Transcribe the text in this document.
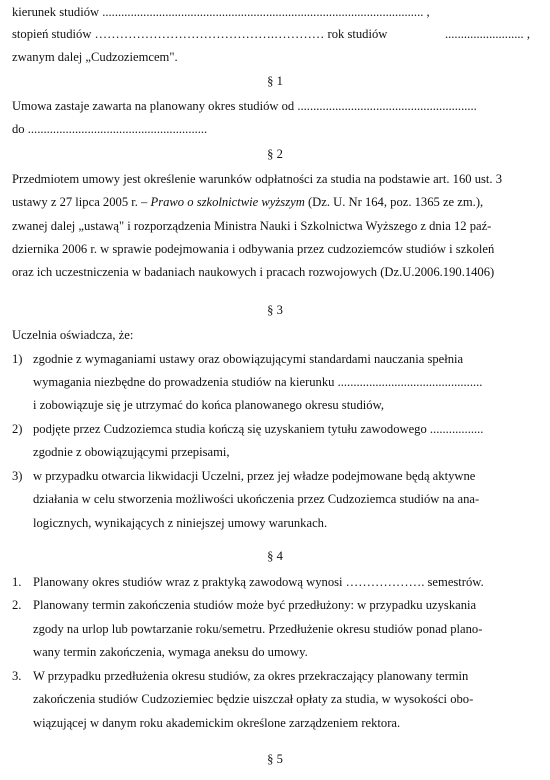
kierunek studiów ...................................................................................................... ,
stopień studiów …………………………………….………… rok studiów	......................... ,
zwanym dalej „Cudzoziemcem".
§ 1
Umowa zastaje zawarta na planowany okres studiów od .........................................................
do .........................................................
§ 2
Przedmiotem umowy jest określenie warunków odpłatności za studia na podstawie art. 160 ust. 3
ustawy z 27 lipca 2005 r. – Prawo o szkolnictwie wyższym (Dz. U. Nr 164, poz. 1365 ze zm.),
zwanej dalej „ustawą" i rozporządzenia Ministra Nauki i Szkolnictwa Wyższego z dnia 12 paź-
dziernika 2006 r. w sprawie podejmowania i odbywania przez cudzoziemców studiów i szkoleń
oraz ich uczestniczenia w badaniach naukowych i pracach rozwojowych (Dz.U.2006.190.1406)
§ 3
Uczelnia oświadcza, że:
1) zgodnie z wymaganiami ustawy oraz obowiązującymi standardami nauczania spełnia
wymagania niezbędne do prowadzenia studiów na kierunku ..............................................
i zobowiązuje się je utrzymać do końca planowanego okresu studiów,
2) podjęte przez Cudzoziemca studia kończą się uzyskaniem tytułu zawodowego .................
zgodnie z obowiązującymi przepisami,
3) w przypadku otwarcia likwidacji Uczelni, przez jej władze podejmowane będą aktywne
działania w celu stworzenia możliwości ukończenia przez Cudzoziemca studiów na ana-
logicznych, wynikających z niniejszej umowy warunkach.
§ 4
1. Planowany okres studiów wraz z praktyką zawodową wynosi ………………. semestrów.
2. Planowany termin zakończenia studiów może być przedłużony: w przypadku uzyskania
zgody na urlop lub powtarzanie roku/semetru. Przedłużenie okresu studiów ponad plano-
wany termin zakończenia, wymaga aneksu do umowy.
3. W przypadku przedłużenia okresu studiów, za okres przekraczający planowany termin
zakończenia studiów Cudzoziemiec będzie uiszczał opłaty za studia, w wysokości obo-
wiązującej w danym roku akademickim określone zarządzeniem rektora.
§ 5
